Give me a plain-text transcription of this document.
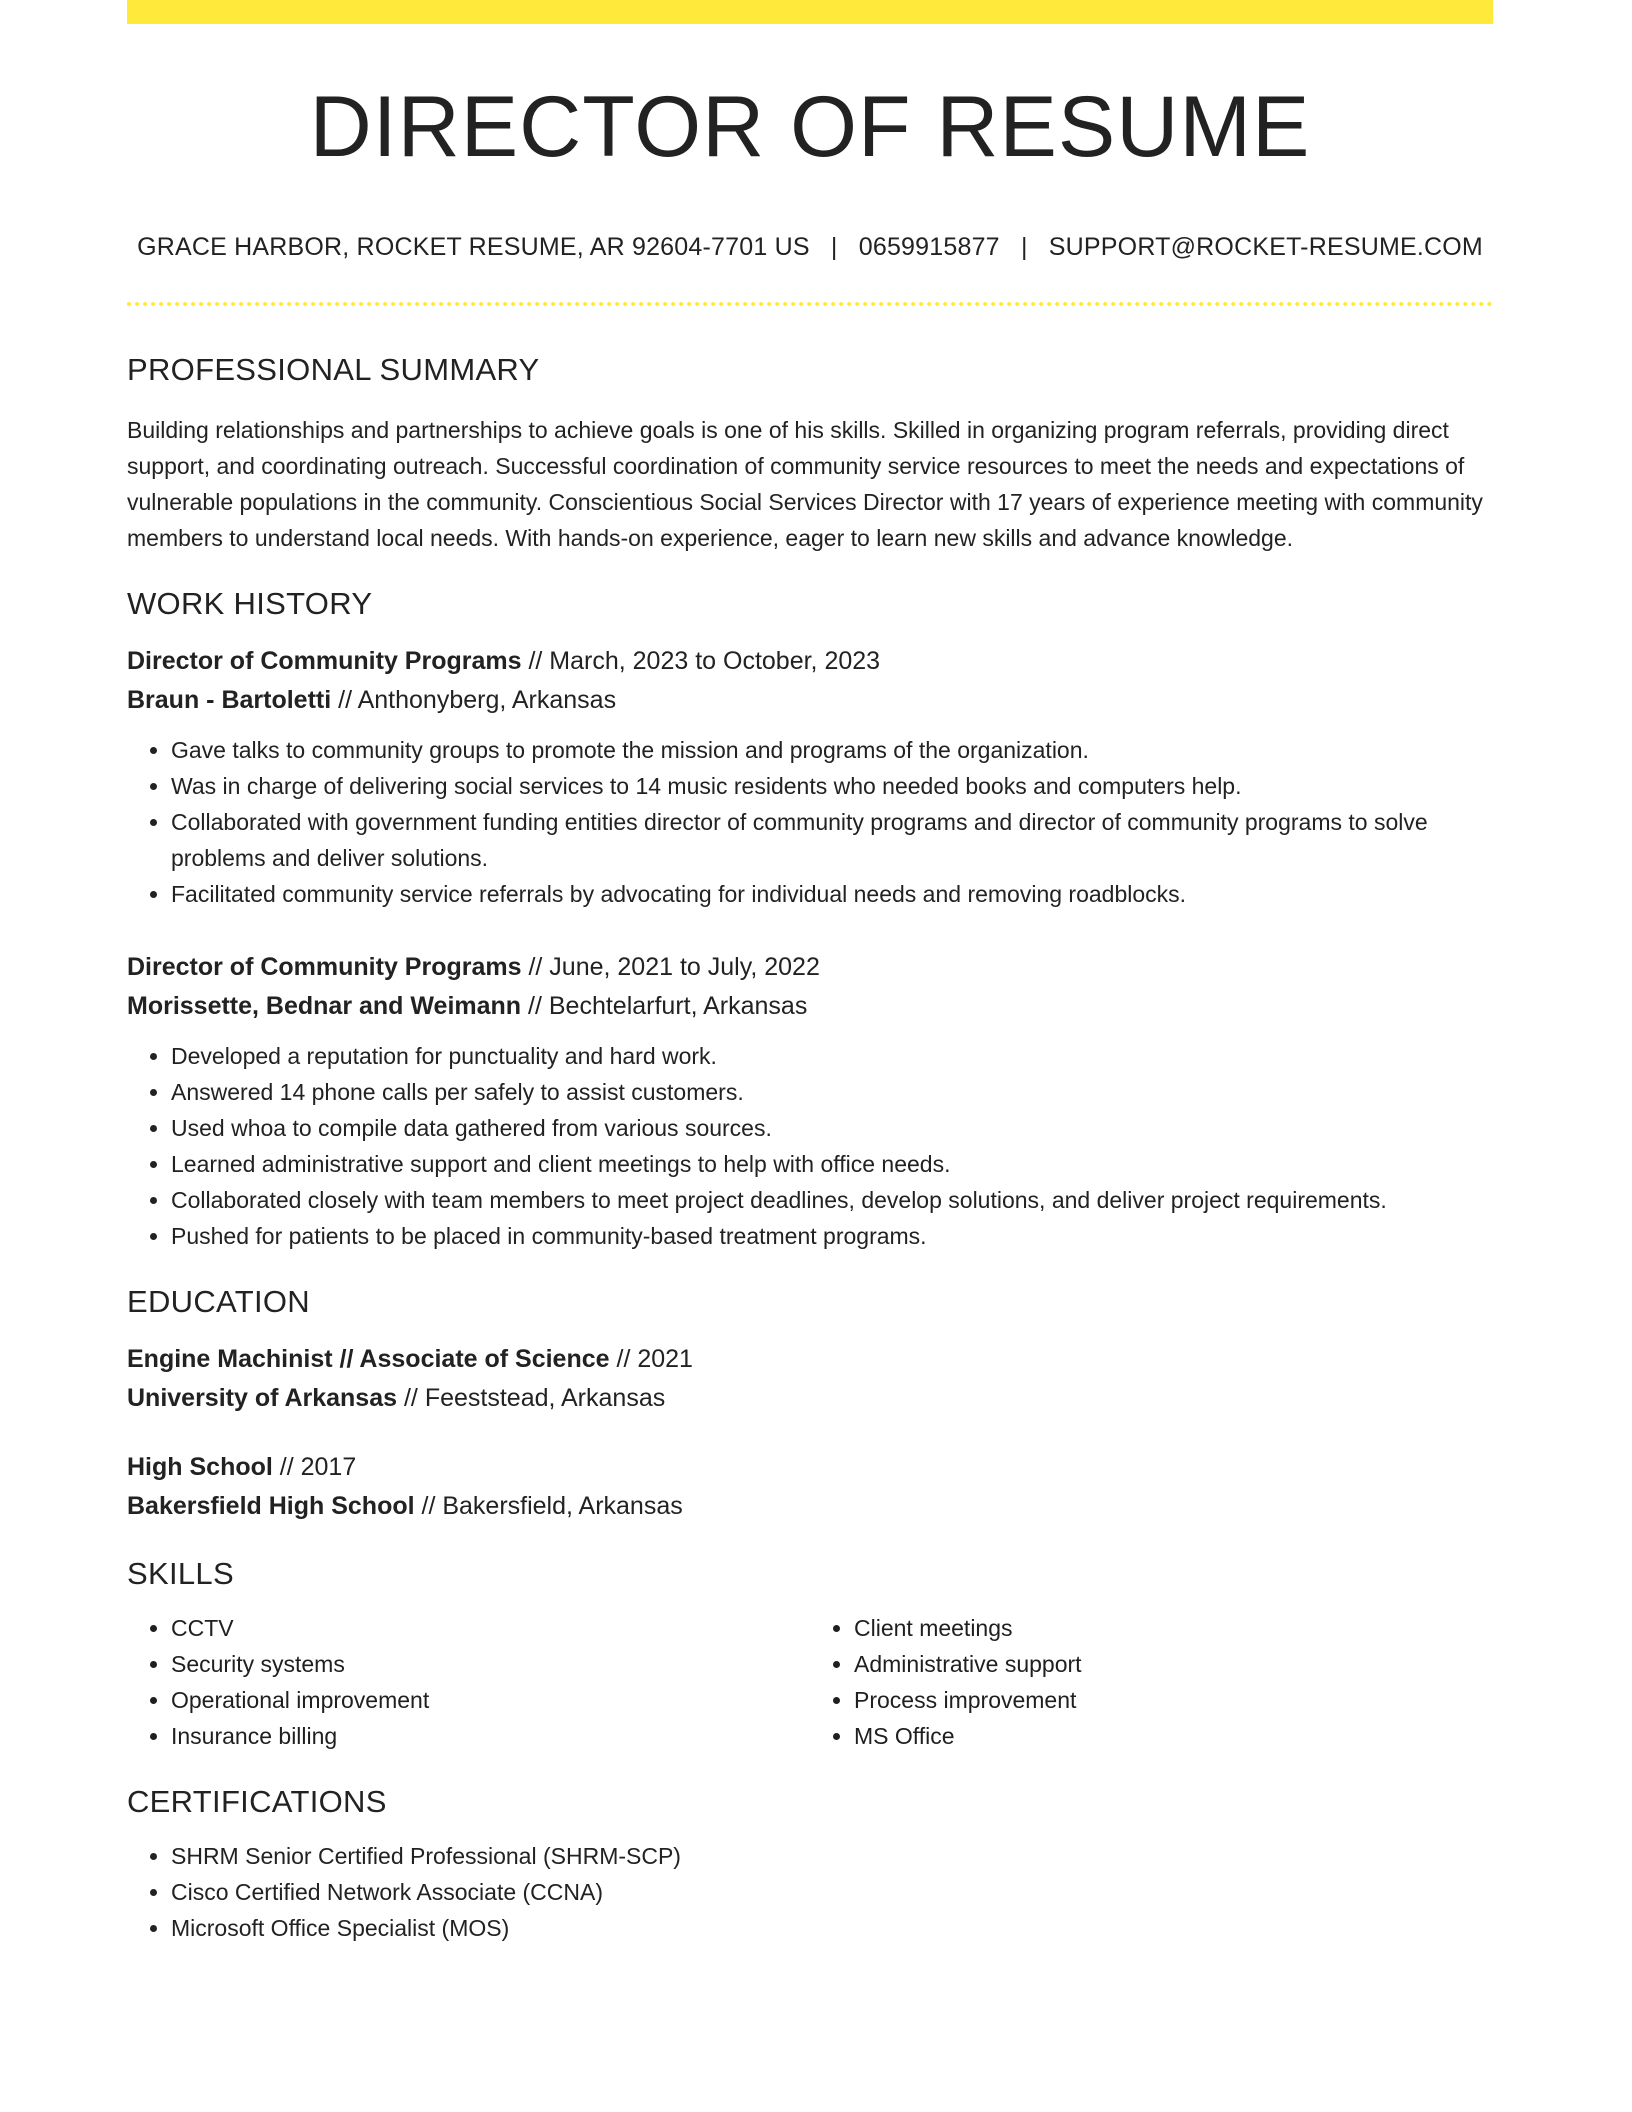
DIRECTOR OF RESUME
GRACE HARBOR, ROCKET RESUME, AR 92604-7701 US | 0659915877 | SUPPORT@ROCKET-RESUME.COM
PROFESSIONAL SUMMARY
Building relationships and partnerships to achieve goals is one of his skills. Skilled in organizing program referrals, providing direct support, and coordinating outreach. Successful coordination of community service resources to meet the needs and expectations of vulnerable populations in the community. Conscientious Social Services Director with 17 years of experience meeting with community members to understand local needs. With hands-on experience, eager to learn new skills and advance knowledge.
WORK HISTORY
Director of Community Programs // March, 2023 to October, 2023
Braun - Bartoletti // Anthonyberg, Arkansas
• Gave talks to community groups to promote the mission and programs of the organization.
• Was in charge of delivering social services to 14 music residents who needed books and computers help.
• Collaborated with government funding entities director of community programs and director of community programs to solve problems and deliver solutions.
• Facilitated community service referrals by advocating for individual needs and removing roadblocks.
Director of Community Programs // June, 2021 to July, 2022
Morissette, Bednar and Weimann // Bechtelarfurt, Arkansas
• Developed a reputation for punctuality and hard work.
• Answered 14 phone calls per safely to assist customers.
• Used whoa to compile data gathered from various sources.
• Learned administrative support and client meetings to help with office needs.
• Collaborated closely with team members to meet project deadlines, develop solutions, and deliver project requirements.
• Pushed for patients to be placed in community-based treatment programs.
EDUCATION
Engine Machinist // Associate of Science // 2021
University of Arkansas // Feeststead, Arkansas
High School // 2017
Bakersfield High School // Bakersfield, Arkansas
SKILLS
• CCTV
• Security systems
• Operational improvement
• Insurance billing
• Client meetings
• Administrative support
• Process improvement
• MS Office
CERTIFICATIONS
• SHRM Senior Certified Professional (SHRM-SCP)
• Cisco Certified Network Associate (CCNA)
• Microsoft Office Specialist (MOS)
